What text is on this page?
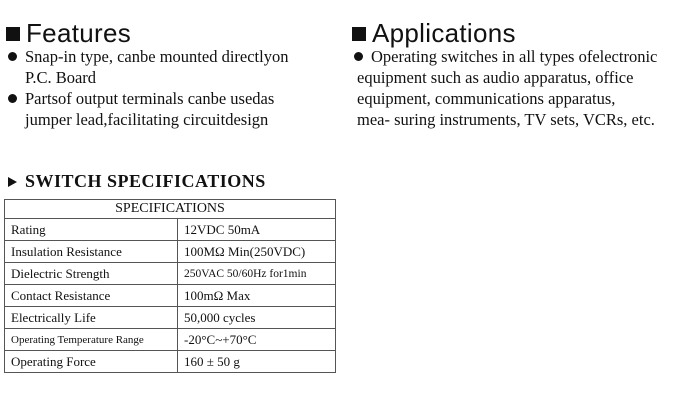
Features
Snap-in type, canbe mounted directlyon
P.C. Board
Partsof output terminals canbe usedas
jumper lead,facilitating circuitdesign
Applications
Operating switches in all types ofelectronic
equipment such as audio apparatus, office
equipment, communications apparatus,
mea- suring instruments, TV sets, VCRs, etc.
SWITCH SPECIFICATIONS
SPECIFICATIONS	
Rating	12VDC 50mA
Insulation Resistance	100MΩ Min(250VDC)
Dielectric Strength	250VAC 50/60Hz for1min
Contact Resistance	100mΩ Max
Electrically Life	50,000 cycles
Operating Temperature Range	-20°C~+70°C
Operating Force	160 ± 50 g
